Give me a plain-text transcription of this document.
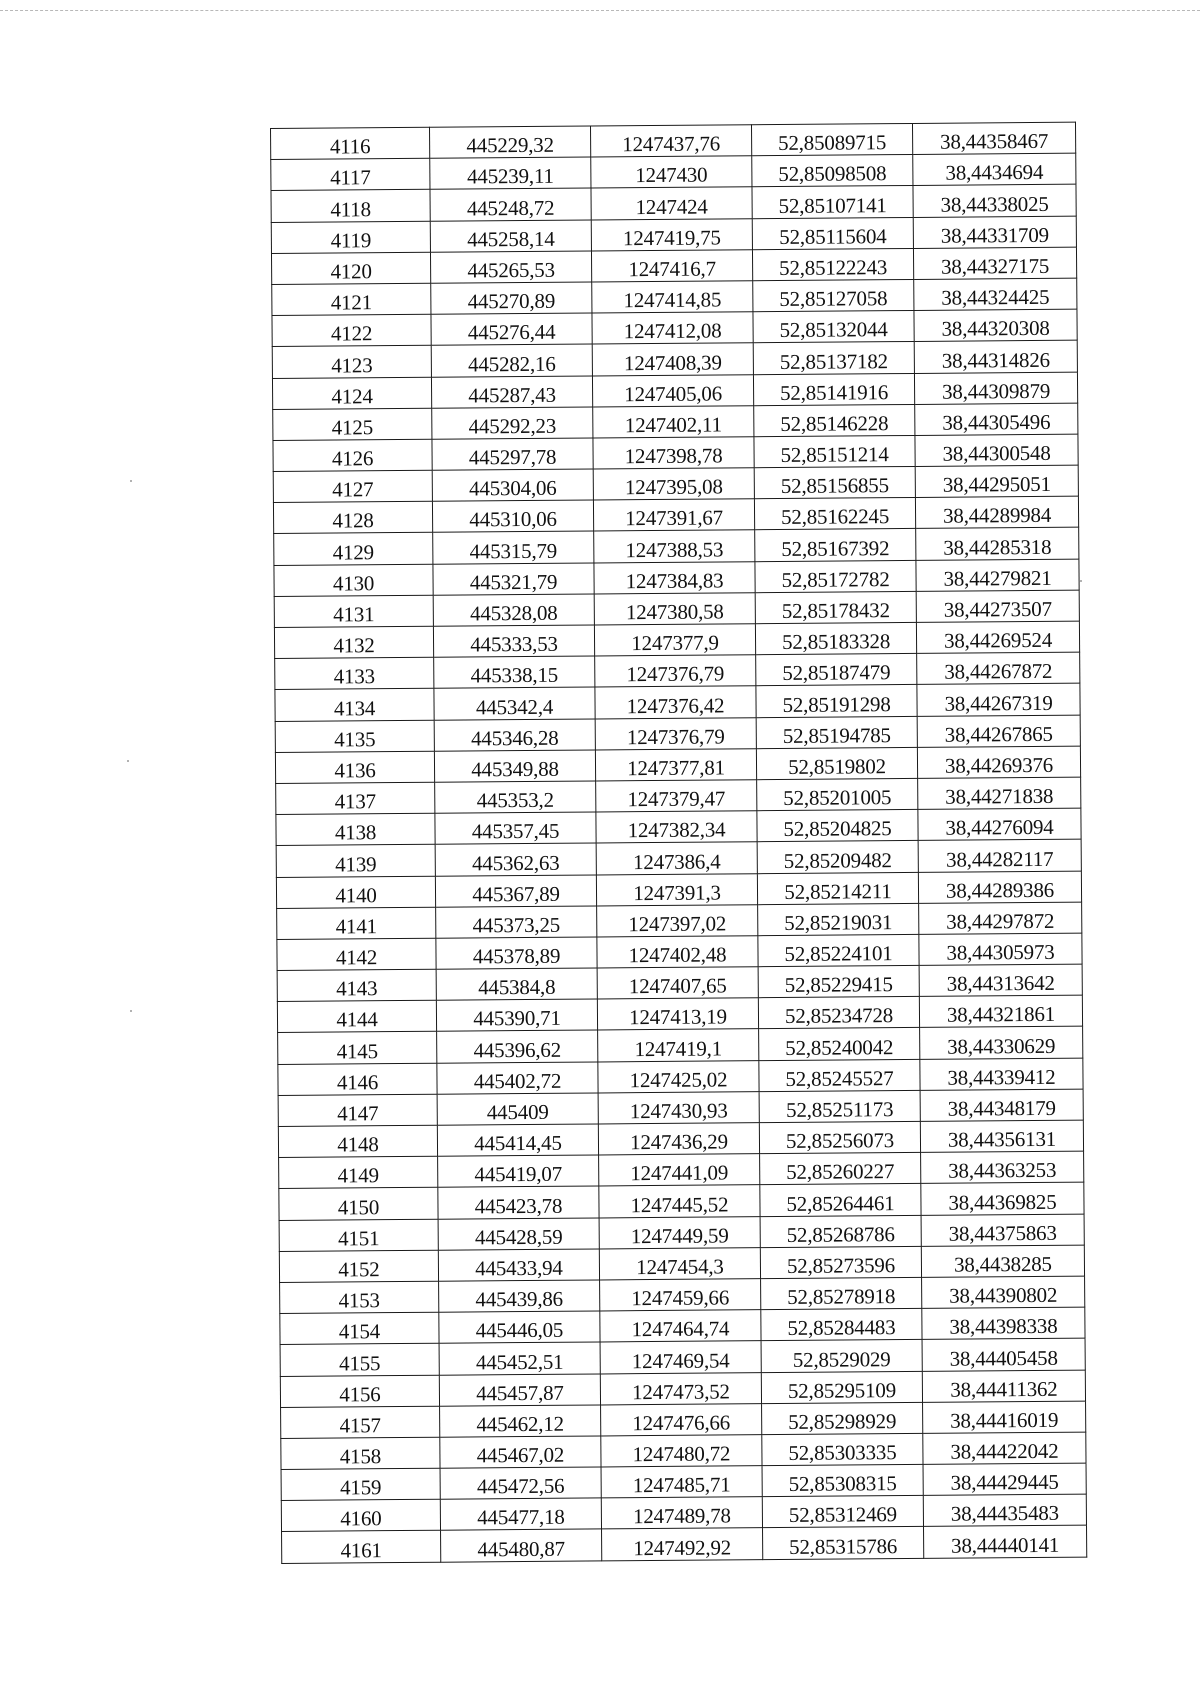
4116	445229,32	1247437,76	52,85089715	38,44358467
4117	445239,11	1247430	52,85098508	38,4434694
4118	445248,72	1247424	52,85107141	38,44338025
4119	445258,14	1247419,75	52,85115604	38,44331709
4120	445265,53	1247416,7	52,85122243	38,44327175
4121	445270,89	1247414,85	52,85127058	38,44324425
4122	445276,44	1247412,08	52,85132044	38,44320308
4123	445282,16	1247408,39	52,85137182	38,44314826
4124	445287,43	1247405,06	52,85141916	38,44309879
4125	445292,23	1247402,11	52,85146228	38,44305496
4126	445297,78	1247398,78	52,85151214	38,44300548
4127	445304,06	1247395,08	52,85156855	38,44295051
4128	445310,06	1247391,67	52,85162245	38,44289984
4129	445315,79	1247388,53	52,85167392	38,44285318
4130	445321,79	1247384,83	52,85172782	38,44279821
4131	445328,08	1247380,58	52,85178432	38,44273507
4132	445333,53	1247377,9	52,85183328	38,44269524
4133	445338,15	1247376,79	52,85187479	38,44267872
4134	445342,4	1247376,42	52,85191298	38,44267319
4135	445346,28	1247376,79	52,85194785	38,44267865
4136	445349,88	1247377,81	52,8519802	38,44269376
4137	445353,2	1247379,47	52,85201005	38,44271838
4138	445357,45	1247382,34	52,85204825	38,44276094
4139	445362,63	1247386,4	52,85209482	38,44282117
4140	445367,89	1247391,3	52,85214211	38,44289386
4141	445373,25	1247397,02	52,85219031	38,44297872
4142	445378,89	1247402,48	52,85224101	38,44305973
4143	445384,8	1247407,65	52,85229415	38,44313642
4144	445390,71	1247413,19	52,85234728	38,44321861
4145	445396,62	1247419,1	52,85240042	38,44330629
4146	445402,72	1247425,02	52,85245527	38,44339412
4147	445409	1247430,93	52,85251173	38,44348179
4148	445414,45	1247436,29	52,85256073	38,44356131
4149	445419,07	1247441,09	52,85260227	38,44363253
4150	445423,78	1247445,52	52,85264461	38,44369825
4151	445428,59	1247449,59	52,85268786	38,44375863
4152	445433,94	1247454,3	52,85273596	38,4438285
4153	445439,86	1247459,66	52,85278918	38,44390802
4154	445446,05	1247464,74	52,85284483	38,44398338
4155	445452,51	1247469,54	52,8529029	38,44405458
4156	445457,87	1247473,52	52,85295109	38,44411362
4157	445462,12	1247476,66	52,85298929	38,44416019
4158	445467,02	1247480,72	52,85303335	38,44422042
4159	445472,56	1247485,71	52,85308315	38,44429445
4160	445477,18	1247489,78	52,85312469	38,44435483
4161	445480,87	1247492,92	52,85315786	38,44440141
